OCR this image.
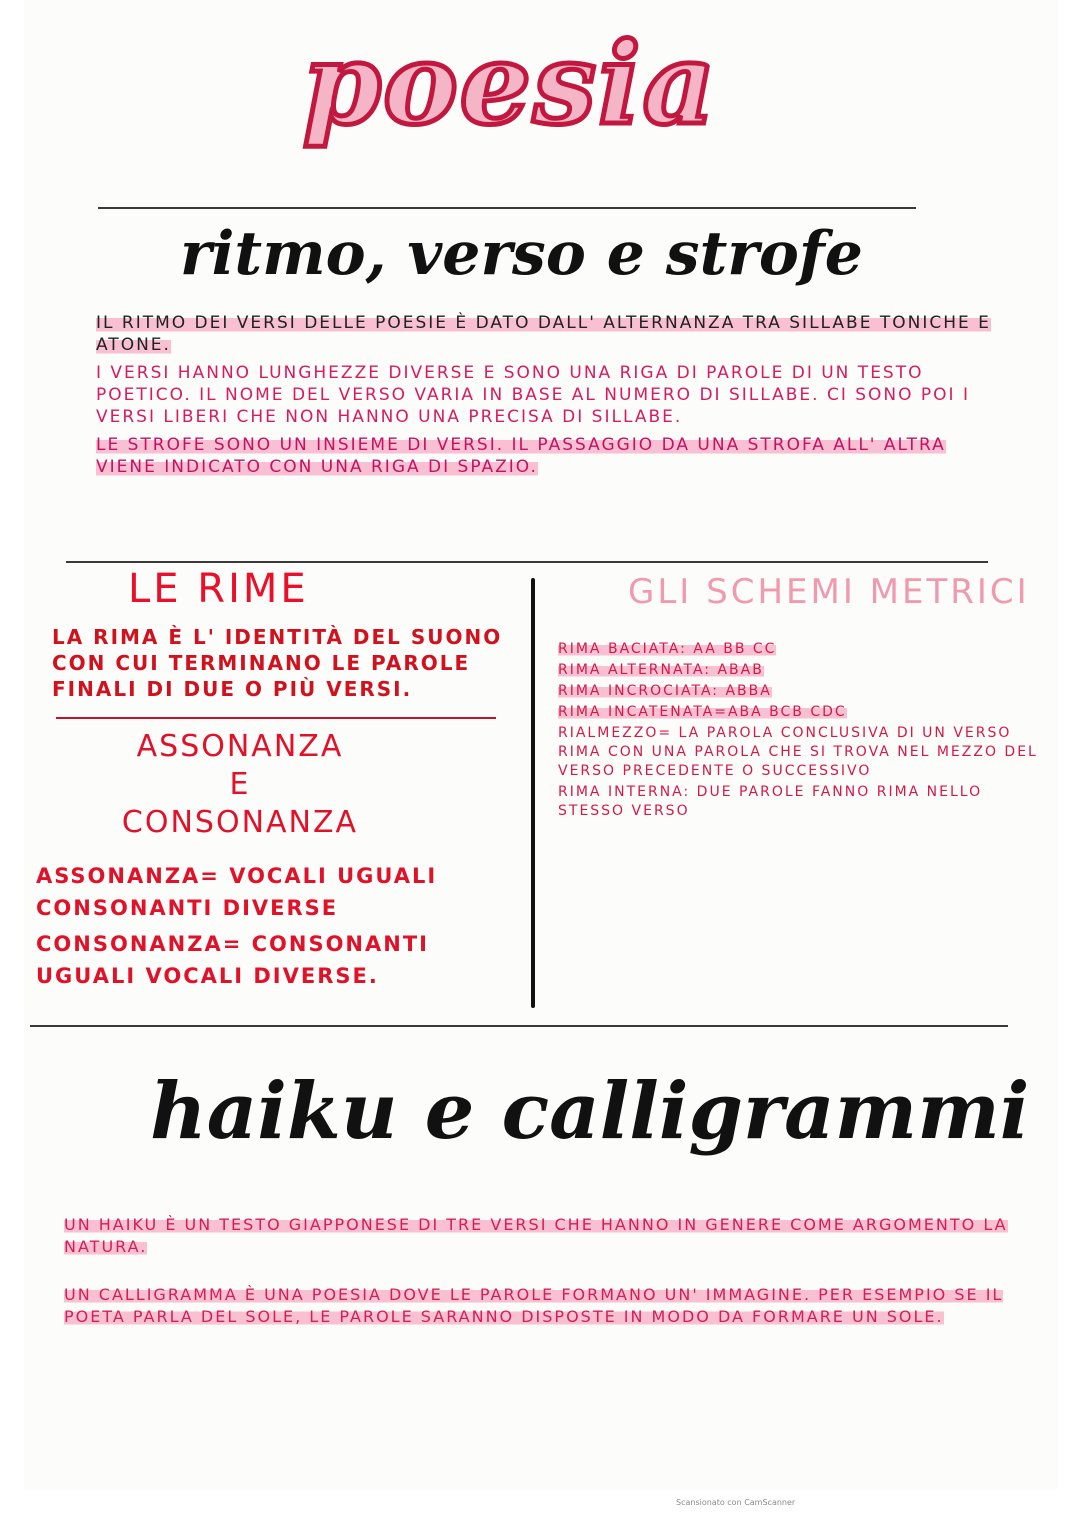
poesia
ritmo, verso e strofe

IL RITMO DEI VERSI DELLE POESIE È DATO DALL' ALTERNANZA TRA SILLABE TONICHE E ATONE.

I VERSI HANNO LUNGHEZZE DIVERSE E SONO UNA RIGA DI PAROLE DI UN TESTO POETICO. IL NOME DEL VERSO VARIA IN BASE AL NUMERO DI SILLABE. CI SONO POI I VERSI LIBERI CHE NON HANNO UNA PRECISA DI SILLABE.

LE STROFE SONO UN INSIEME DI VERSI. IL PASSAGGIO DA UNA STROFA ALL' ALTRA VIENE INDICATO CON UNA RIGA DI SPAZIO.

LE RIME

LA RIMA È L' IDENTITÀ DEL SUONO CON CUI TERMINANO LE PAROLE FINALI DI DUE O PIÙ VERSI.

ASSONANZA
E
CONSONANZA

ASSONANZA= VOCALI UGUALI CONSONANTI DIVERSE

CONSONANZA= CONSONANTI UGUALI VOCALI DIVERSE.

GLI SCHEMI METRICI

RIMA BACIATA: AA BB CC

RIMA ALTERNATA: ABAB

RIMA INCROCIATA: ABBA

RIMA INCATENATA=ABA BCB CDC

RIALMEZZO= LA PAROLA CONCLUSIVA DI UN VERSO RIMA CON UNA PAROLA CHE SI TROVA NEL MEZZO DEL VERSO PRECEDENTE O SUCCESSIVO

RIMA INTERNA: DUE PAROLE FANNO RIMA NELLO STESSO VERSO

haiku e calligrammi

UN HAIKU È UN TESTO GIAPPONESE DI TRE VERSI CHE HANNO IN GENERE COME ARGOMENTO LA NATURA.

UN CALLIGRAMMA È UNA POESIA DOVE LE PAROLE FORMANO UN' IMMAGINE. PER ESEMPIO SE IL POETA PARLA DEL SOLE, LE PAROLE SARANNO DISPOSTE IN MODO DA FORMARE UN SOLE.

Scansionato con CamScanner
